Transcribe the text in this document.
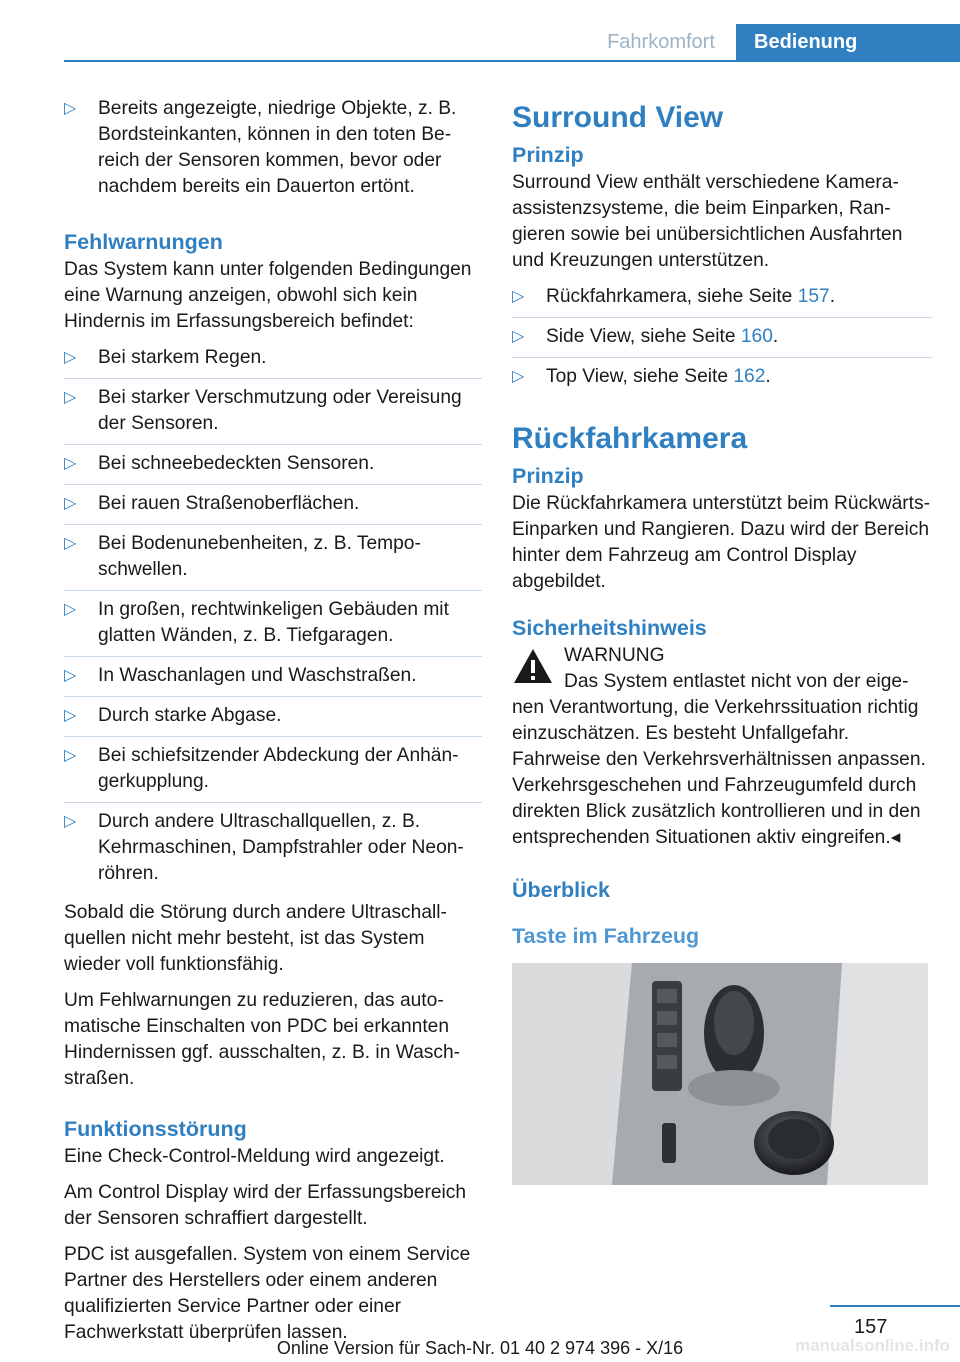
Fahrkomfort	Bedienung
▷ Bereits angezeigte, niedrige Objekte, z. B. Bordsteinkanten, können in den toten Bereich der Sensoren kommen, bevor oder nachdem bereits ein Dauerton ertönt.
Fehlwarnungen

Das System kann unter folgenden Bedingungen eine Warnung anzeigen, obwohl sich kein Hindernis im Erfassungsbereich befindet:

▷ Bei starkem Regen.
▷ Bei starker Verschmutzung oder Vereisung der Sensoren.
▷ Bei schneebedeckten Sensoren.
▷ Bei rauen Straßenoberflächen.
▷ Bei Bodenunebenheiten, z. B. Temposchwellen.
▷ In großen, rechtwinkeligen Gebäuden mit glatten Wänden, z. B. Tiefgaragen.
▷ In Waschanlagen und Waschstraßen.
▷ Durch starke Abgase.
▷ Bei schiefsitzender Abdeckung der Anhängerkupplung.
▷ Durch andere Ultraschallquellen, z. B. Kehrmaschinen, Dampfstrahler oder Neonröhren.

Sobald die Störung durch andere Ultraschallquellen nicht mehr besteht, ist das System wieder voll funktionsfähig.

Um Fehlwarnungen zu reduzieren, das automatische Einschalten von PDC bei erkannten Hindernissen ggf. ausschalten, z. B. in Waschstraßen.

Funktionsstörung

Eine Check-Control-Meldung wird angezeigt.

Am Control Display wird der Erfassungsbereich der Sensoren schraffiert dargestellt.

PDC ist ausgefallen. System von einem Service Partner des Herstellers oder einem anderen qualifizierten Service Partner oder einer Fachwerkstatt überprüfen lassen.

Surround View
Prinzip

Surround View enthält verschiedene Kameraassistenzsysteme, die beim Einparken, Rangieren sowie bei unübersichtlichen Ausfahrten und Kreuzungen unterstützen.

▷ Rückfahrkamera, siehe Seite 157.
▷ Side View, siehe Seite 160.
▷ Top View, siehe Seite 162.
Rückfahrkamera
Prinzip

Die Rückfahrkamera unterstützt beim Rückwärts-Einparken und Rangieren. Dazu wird der Bereich hinter dem Fahrzeug am Control Display abgebildet.

Sicherheitshinweis
WARNUNG

Das System entlastet nicht von der eigenen Verantwortung, die Verkehrssituation richtig einzuschätzen. Es besteht Unfallgefahr. Fahrweise den Verkehrsverhältnissen anpassen. Verkehrsgeschehen und Fahrzeugumfeld durch direkten Blick zusätzlich kontrollieren und in den entsprechenden Situationen aktiv eingreifen.◂

Überblick
Taste im Fahrzeug
157
Online Version für Sach-Nr. 01 40 2 974 396 - X/16	manualsonline.info
